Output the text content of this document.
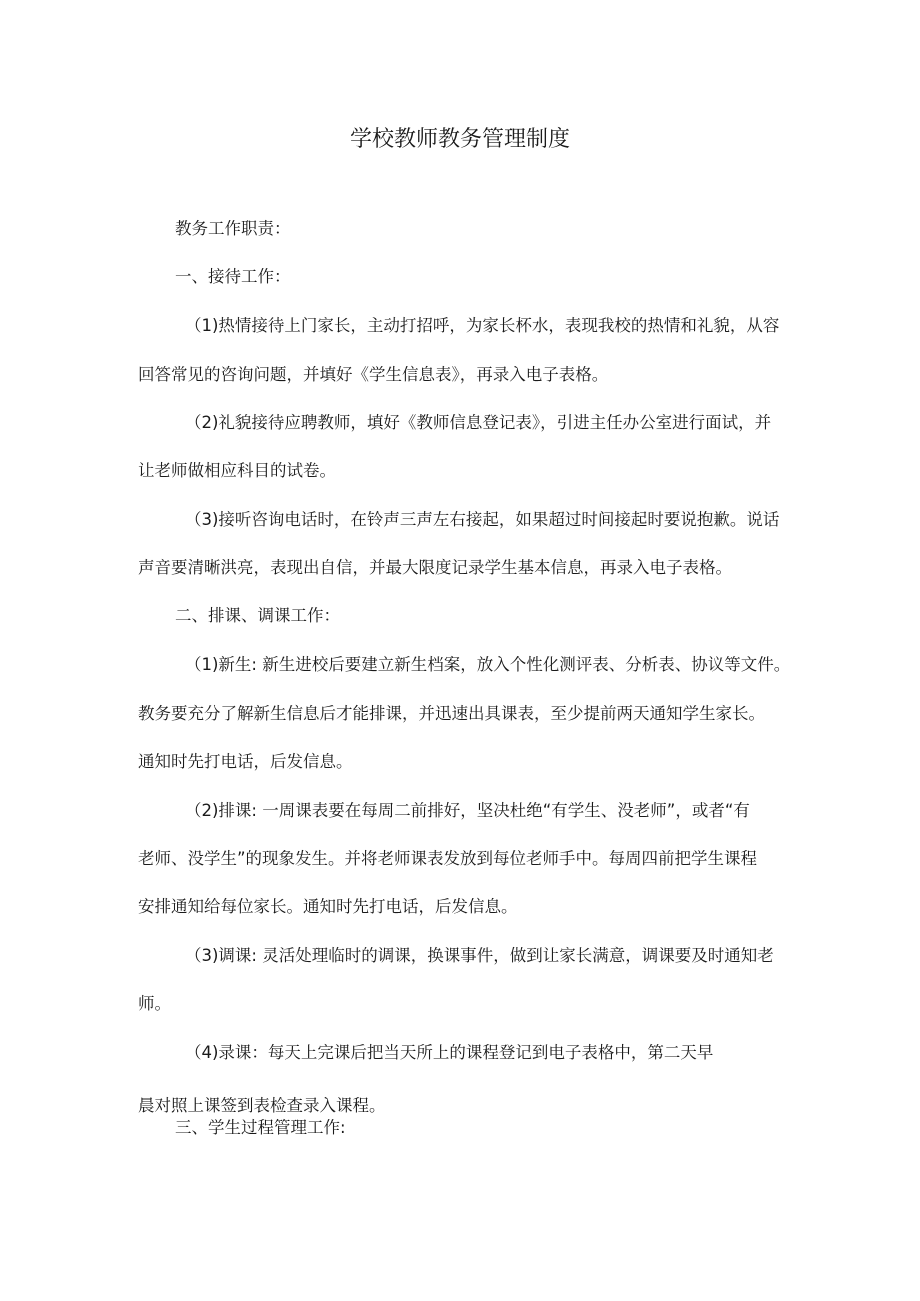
学校教师教务管理制度

教务工作职责：

一、接待工作：

（1)热情接待上门家长，主动打招呼，为家长杯水，表现我校的热情和礼貌，从容

回答常见的咨询问题，并填好《学生信息表》，再录入电子表格。

（2)礼貌接待应聘教师，填好《教师信息登记表》，引进主任办公室进行面试，并

让老师做相应科目的试卷。

（3)接听咨询电话时，在铃声三声左右接起，如果超过时间接起时要说抱歉。说话

声音要清晰洪亮，表现出自信，并最大限度记录学生基本信息，再录入电子表格。

二、排课、调课工作：

（1)新生: 新生进校后要建立新生档案，放入个性化测评表、分析表、协议等文件。

教务要充分了解新生信息后才能排课，并迅速出具课表，至少提前两天通知学生家长。

通知时先打电话，后发信息。

（2)排课: 一周课表要在每周二前排好，坚决杜绝“有学生、没老师”，或者“有

老师、没学生”的现象发生。并将老师课表发放到每位老师手中。每周四前把学生课程

安排通知给每位家长。通知时先打电话，后发信息。

（3)调课: 灵活处理临时的调课，换课事件，做到让家长满意，调课要及时通知老

师。

（4)录课：每天上完课后把当天所上的课程登记到电子表格中，第二天早

晨对照上课签到表检查录入课程。

三、学生过程管理工作:
